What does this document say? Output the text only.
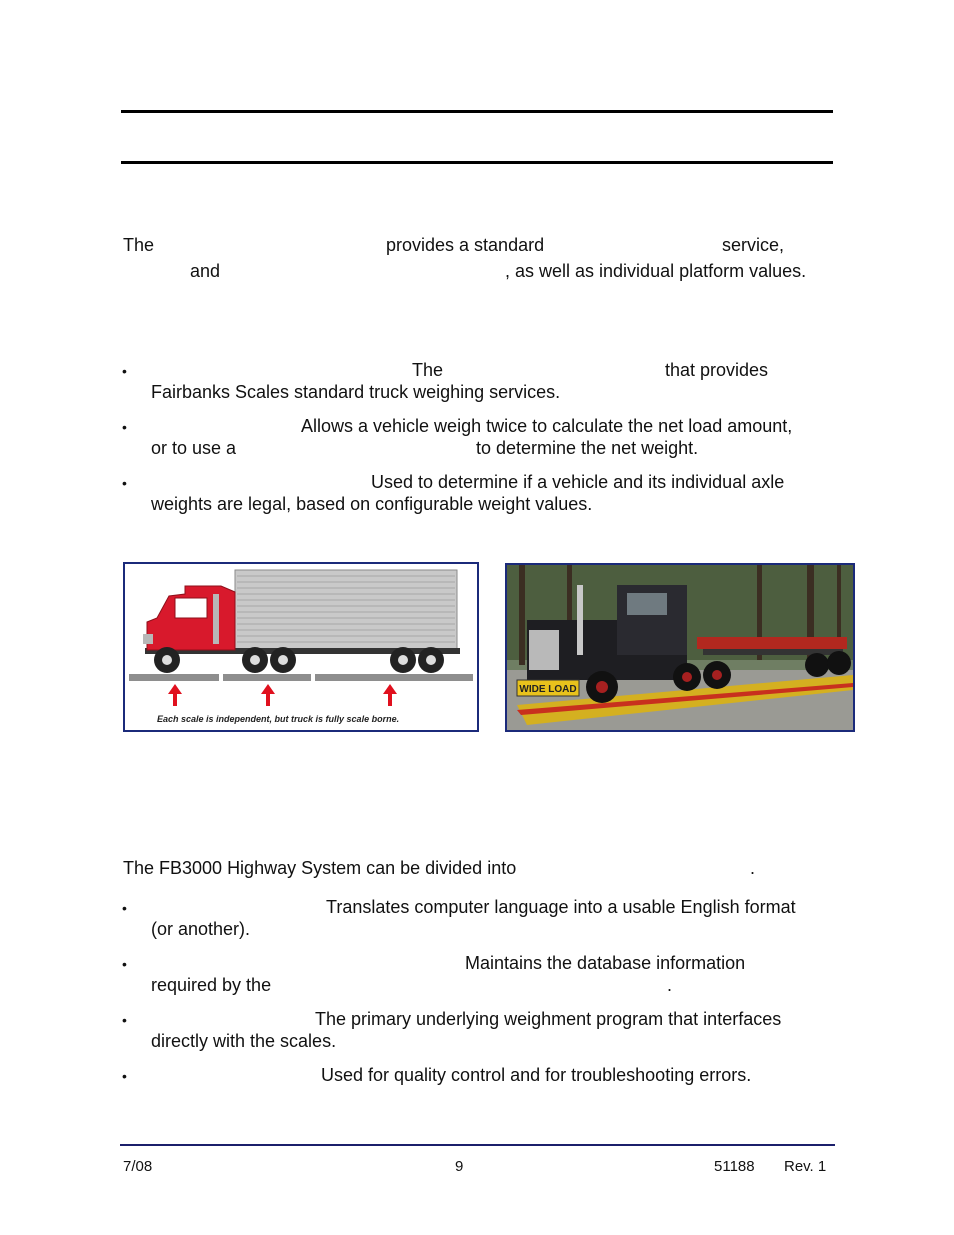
The	provides a standard	service,
and	, as well as individual platform values.
•	The	that provides
Fairbanks Scales standard truck weighing services.
•	Allows a vehicle weigh twice to calculate the net load amount,
or to use a	to determine the net weight.
•	Used to determine if a vehicle and its individual axle
weights are legal, based on configurable weight values.
Each scale is independent, but truck is fully scale borne.
WIDE LOAD
The FB3000 Highway System can be divided into	.
•	Translates computer language into a usable English format
(or another).
•	Maintains the database information
required by the	.
•	The primary underlying weighment program that interfaces
directly with the scales.
•	Used for quality control and for troubleshooting errors.
7/08	9	51188 Rev. 1
